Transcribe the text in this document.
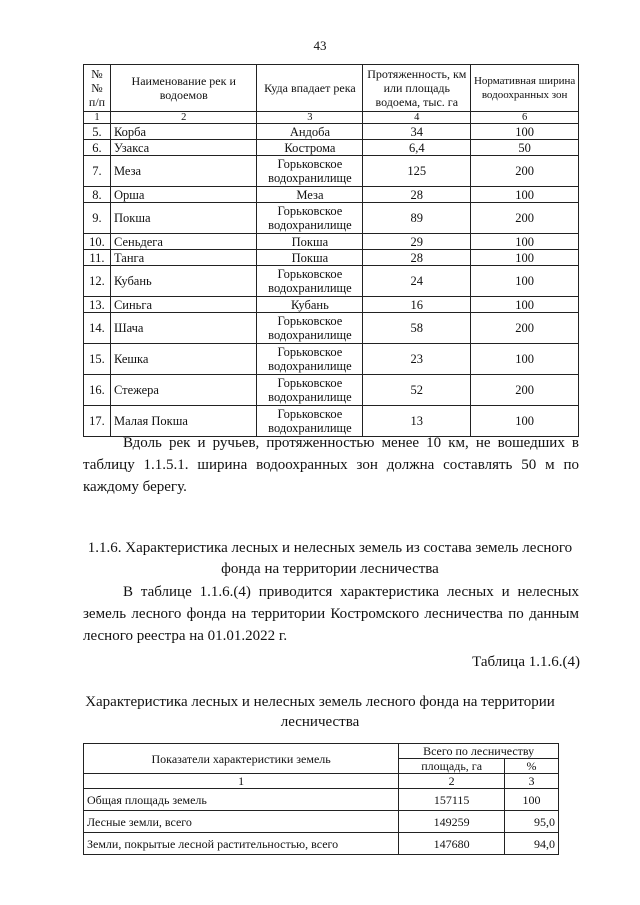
43
№№ п/п	Наименование рек и водоемов	Куда впадает река	Протяженность, км или площадь водоема, тыс. га	Нормативная ширина водоохранных зон
1	2	3	4	6
5.	Корба	Андоба	34	100
6.	Узакса	Кострома	6,4	50
7.	Меза	Горьковское водохранилище	125	200
8.	Орша	Меза	28	100
9.	Покша	Горьковское водохранилище	89	200
10.	Сеньдега	Покша	29	100
11.	Тангa	Покша	28	100
12.	Кубань	Горьковское водохранилище	24	100
13.	Синьга	Кубань	16	100
14.	Шача	Горьковское водохранилище	58	200
15.	Кешка	Горьковское водохранилище	23	100
16.	Стежера	Горьковское водохранилище	52	200
17.	Малая Покша	Горьковское водохранилище	13	100

Вдоль рек и ручьев, протяженностью менее 10 км, не вошедших в таблицу 1.1.5.1. ширина водоохранных зон должна составлять 50 м по каждому берегу.

1.1.6. Характеристика лесных и нелесных земель из состава земель лесного фонда на территории лесничества

В таблице 1.1.6.(4) приводится характеристика лесных и нелесных земель лесного фонда на территории Костромского лесничества по данным лесного реестра на 01.01.2022 г.

Таблица 1.1.6.(4)
Характеристика лесных и нелесных земель лесного фонда на территории лесничества
Показатели характеристики земель	Всего по лесничеству	
	площадь, га	%
1	2	3
Общая площадь земель	157115	100
Лесные земли, всего	149259	95,0
Земли, покрытые лесной растительностью, всего	147680	94,0
